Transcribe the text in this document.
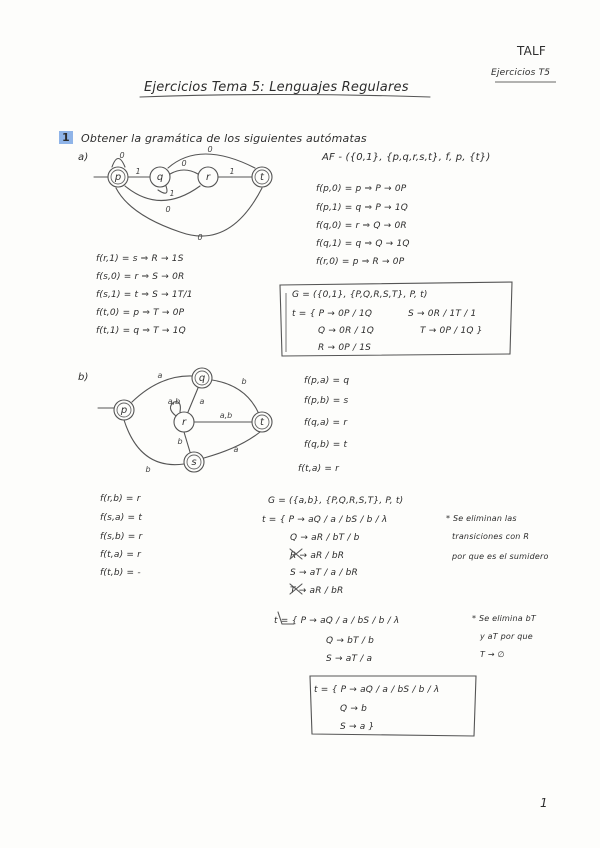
TALF
Ejercicios T5
Ejercicios Tema 5: Lenguajes Regulares
1 Obtener la gramática de los siguientes autómatas
a)	AF - ({0,1}, {p,q,r,s,t}, f, p, {t})
f(p,0) = p ⇒ P → 0P
f(p,1) = q ⇒ P → 1Q
f(q,0) = r ⇒ Q → 0R
f(q,1) = q ⇒ Q → 1Q
f(r,0) = p ⇒ R → 0P
f(r,1) = s ⇒ R → 1S
f(s,0) = r ⇒ S → 0R
f(s,1) = t ⇒ S → 1T/1
f(t,0) = p ⇒ T → 0P
f(t,1) = q ⇒ T → 1Q
G = ({0,1}, {P,Q,R,S,T}, P, t)
t = { P → 0P / 1Q
Q → 0R / 1Q
R → 0P / 1S
S → 0R / 1T / 1
T → 0P / 1Q }
b)	f(p,a) = q
f(p,b) = s
f(q,a) = r
f(q,b) = t
f(t,a) = r
f(r,b) = r
f(s,a) = t
f(s,b) = r
f(t,a) = r
f(t,b) = -
G = ({a,b}, {P,Q,R,S,T}, P, t)
t = { P → aQ / a / bS / b / λ
Q → aR / bT / b
R → aR / bR
S → aT / a / bR
T → aR / bR
* Se eliminan las
transiciones con R
por que es el sumidero
t = { P → aQ / a / bS / b / λ
Q → bT / b
S → aT / a
* Se elimina bT
y aT por que
T → ∅
t = { P → aQ / a / bS / b / λ
Q → b
S → a }
1
p	q	r	t
0
1
0
1
1
0
0
0
p
q
r	t
s
a
b
a,b a
a,b
b
b
a
